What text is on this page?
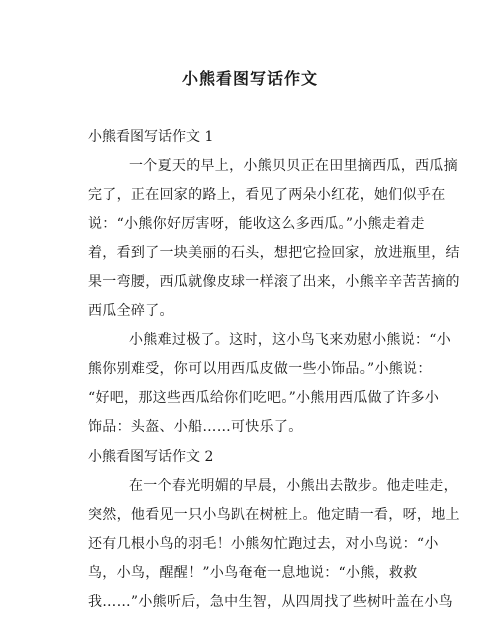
小熊看图写话作文
小熊看图写话作文 1
一个夏天的早上，小熊贝贝正在田里摘西瓜，西瓜摘
完了，正在回家的路上，看见了两朵小红花，她们似乎在
说：“小熊你好厉害呀，能收这么多西瓜。”小熊走着走
着，看到了一块美丽的石头，想把它捡回家，放进瓶里，结
果一弯腰，西瓜就像皮球一样滚了出来，小熊辛辛苦苦摘的
西瓜全碎了。
小熊难过极了。这时，这小鸟飞来劝慰小熊说：“小
熊你别难受，你可以用西瓜皮做一些小饰品。”小熊说：
“好吧，那这些西瓜给你们吃吧。”小熊用西瓜做了许多小
饰品：头盔、小船……可快乐了。
小熊看图写话作文 2
在一个春光明媚的早晨，小熊出去散步。他走哇走，
突然，他看见一只小鸟趴在树桩上。他定睛一看，呀，地上
还有几根小鸟的羽毛！小熊匆忙跑过去，对小鸟说：“小
鸟，小鸟，醒醒！”小鸟奄奄一息地说：“小熊，救救
我……”小熊听后，急中生智，从四周找了些树叶盖在小鸟
